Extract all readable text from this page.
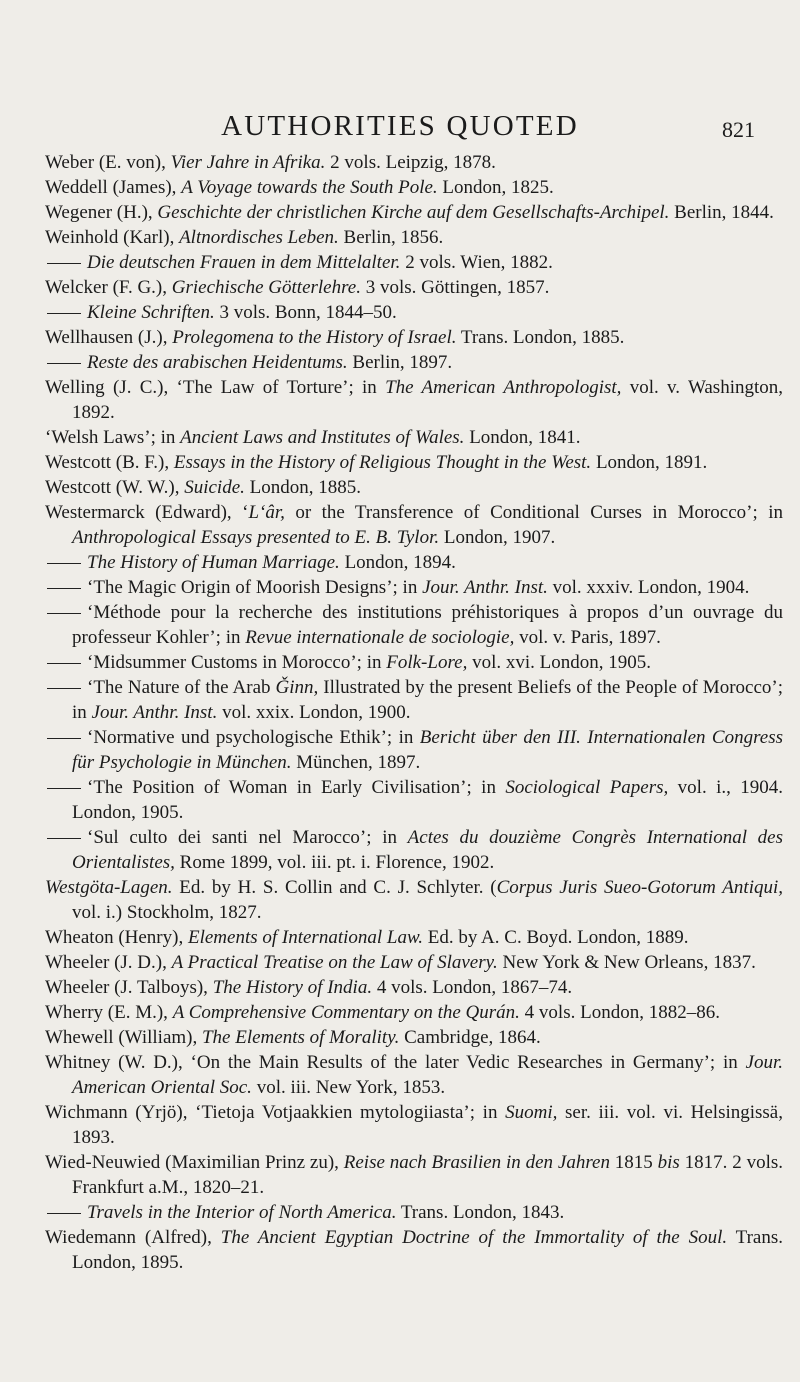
AUTHORITIES QUOTED	821

Weber (E. von), Vier Jahre in Afrika. 2 vols. Leipzig, 1878.

Weddell (James), A Voyage towards the South Pole. London, 1825.

Wegener (H.), Geschichte der christlichen Kirche auf dem Gesellschafts-Archipel. Berlin, 1844.

Weinhold (Karl), Altnordisches Leben. Berlin, 1856.

Die deutschen Frauen in dem Mittelalter. 2 vols. Wien, 1882.

Welcker (F. G.), Griechische Götterlehre. 3 vols. Göttingen, 1857.

Kleine Schriften. 3 vols. Bonn, 1844–50.

Wellhausen (J.), Prolegomena to the History of Israel. Trans. London, 1885.

Reste des arabischen Heidentums. Berlin, 1897.

Welling (J. C.), ‘The Law of Torture’; in The American Anthropologist, vol. v. Washington, 1892.

‘Welsh Laws’; in Ancient Laws and Institutes of Wales. London, 1841.

Westcott (B. F.), Essays in the History of Religious Thought in the West. London, 1891.

Westcott (W. W.), Suicide. London, 1885.

Westermarck (Edward), ‘L‘âr, or the Transference of Conditional Curses in Morocco’; in Anthropological Essays presented to E. B. Tylor. London, 1907.

The History of Human Marriage. London, 1894.

‘The Magic Origin of Moorish Designs’; in Jour. Anthr. Inst. vol. xxxiv. London, 1904.

‘Méthode pour la recherche des institutions préhistoriques à propos d’un ouvrage du professeur Kohler’; in Revue internationale de sociologie, vol. v. Paris, 1897.

‘Midsummer Customs in Morocco’; in Folk-Lore, vol. xvi. London, 1905.

‘The Nature of the Arab Ǧinn, Illustrated by the present Beliefs of the People of Morocco’; in Jour. Anthr. Inst. vol. xxix. London, 1900.

‘Normative und psychologische Ethik’; in Bericht über den III. Internationalen Congress für Psychologie in München. München, 1897.

‘The Position of Woman in Early Civilisation’; in Sociological Papers, vol. i., 1904. London, 1905.

‘Sul culto dei santi nel Marocco’; in Actes du douzième Congrès International des Orientalistes, Rome 1899, vol. iii. pt. i. Florence, 1902.

Westgöta-Lagen. Ed. by H. S. Collin and C. J. Schlyter. (Corpus Juris Sueo-Gotorum Antiqui, vol. i.) Stockholm, 1827.

Wheaton (Henry), Elements of International Law. Ed. by A. C. Boyd. London, 1889.

Wheeler (J. D.), A Practical Treatise on the Law of Slavery. New York & New Orleans, 1837.

Wheeler (J. Talboys), The History of India. 4 vols. London, 1867–74.

Wherry (E. M.), A Comprehensive Commentary on the Qurán. 4 vols. London, 1882–86.

Whewell (William), The Elements of Morality. Cambridge, 1864.

Whitney (W. D.), ‘On the Main Results of the later Vedic Researches in Germany’; in Jour. American Oriental Soc. vol. iii. New York, 1853.

Wichmann (Yrjö), ‘Tietoja Votjaakkien mytologiiasta’; in Suomi, ser. iii. vol. vi. Helsingissä, 1893.

Wied-Neuwied (Maximilian Prinz zu), Reise nach Brasilien in den Jahren 1815 bis 1817. 2 vols. Frankfurt a.M., 1820–21.

Travels in the Interior of North America. Trans. London, 1843.

Wiedemann (Alfred), The Ancient Egyptian Doctrine of the Immortality of the Soul. Trans. London, 1895.
